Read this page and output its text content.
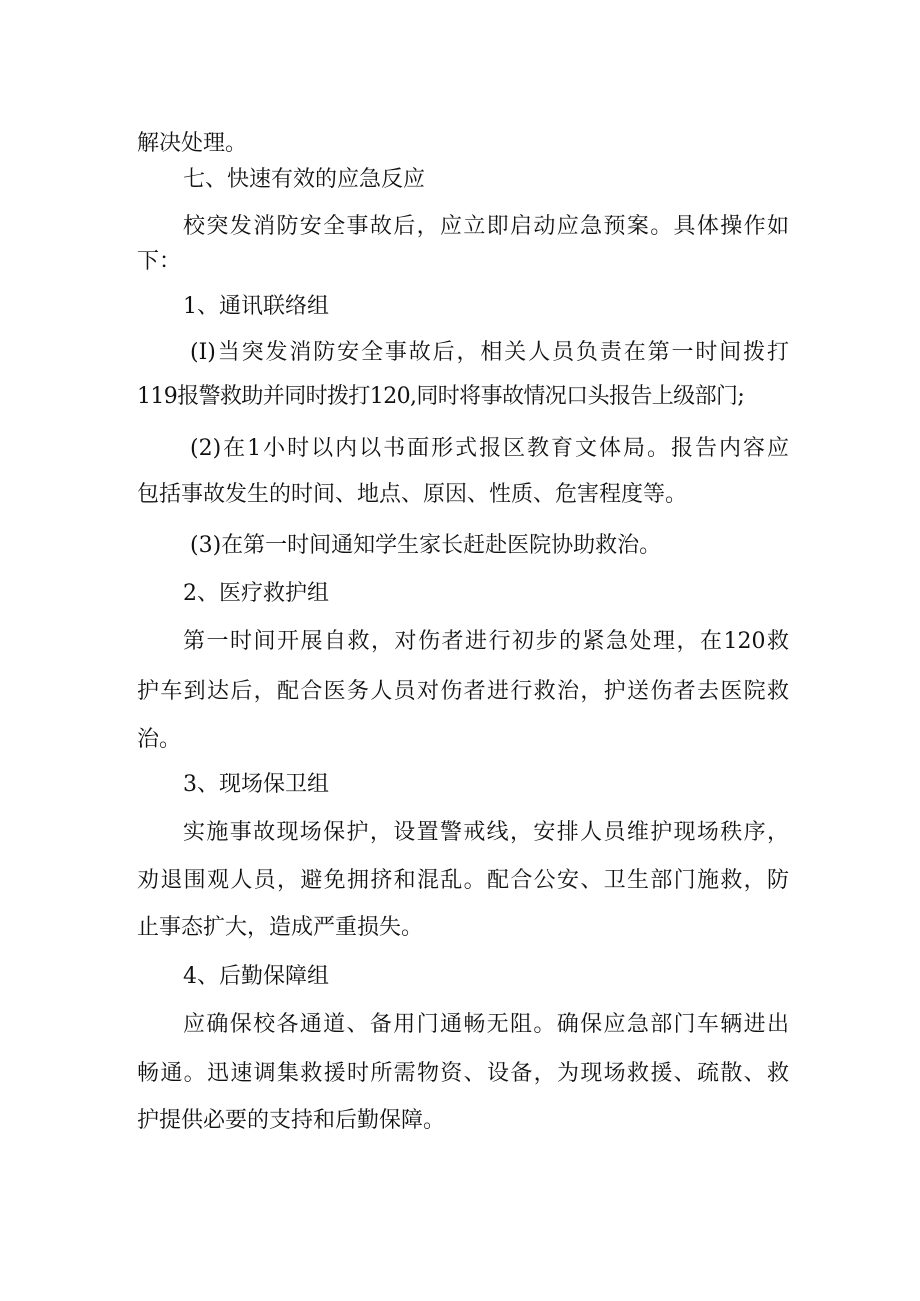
解决处理。
七、快速有效的应急反应
校突发消防安全事故后，应立即启动应急预案。具体操作如
下：
1、通讯联络组
(I)当突发消防安全事故后，相关人员负责在第一时间拨打
119报警救助并同时拨打120,同时将事故情况口头报告上级部门;
(2)在1小时以内以书面形式报区教育文体局。报告内容应
包括事故发生的时间、地点、原因、性质、危害程度等。
(3)在第一时间通知学生家长赶赴医院协助救治。
2、医疗救护组
第一时间开展自救，对伤者进行初步的紧急处理，在120救
护车到达后，配合医务人员对伤者进行救治，护送伤者去医院救
治。
3、现场保卫组
实施事故现场保护，设置警戒线，安排人员维护现场秩序，
劝退围观人员，避免拥挤和混乱。配合公安、卫生部门施救，防
止事态扩大，造成严重损失。
4、后勤保障组
应确保校各通道、备用门通畅无阻。确保应急部门车辆进出
畅通。迅速调集救援时所需物资、设备，为现场救援、疏散、救
护提供必要的支持和后勤保障。
